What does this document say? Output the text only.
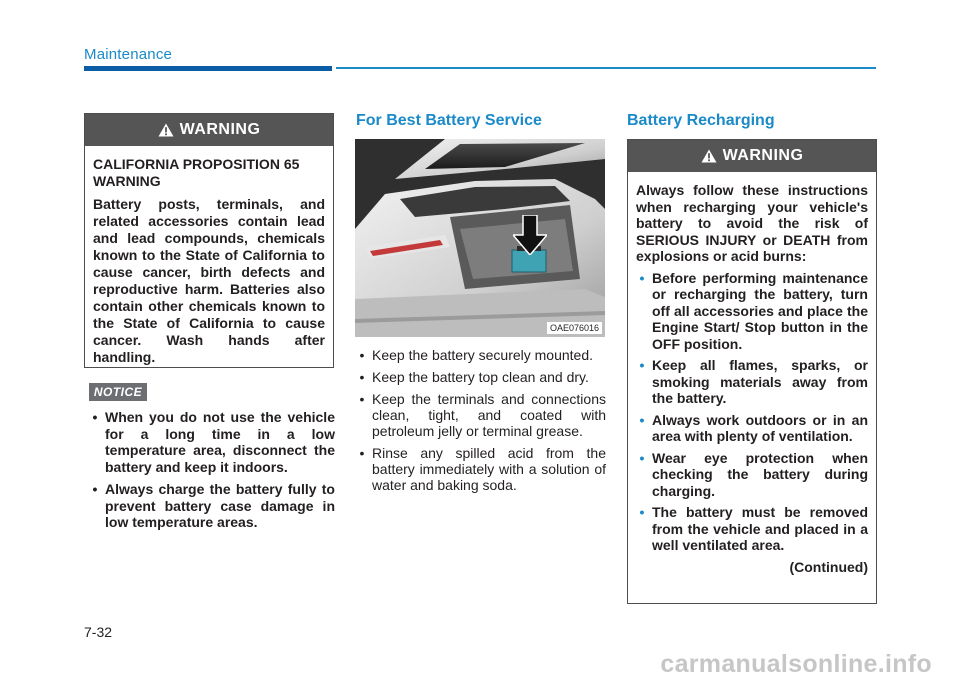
Maintenance
WARNING

CALIFORNIA PROPOSITION 65 WARNING

Battery posts, terminals, and related accessories contain lead and lead compounds, chemicals known to the State of California to cause cancer, birth defects and reproductive harm. Batteries also contain other chemicals known to the State of California to cause cancer. Wash hands after handling.

NOTICE
• When you do not use the vehicle for a long time in a low temperature area, disconnect the battery and keep it indoors.
• Always charge the battery fully to prevent battery case damage in low temperature areas.
For Best Battery Service
OAE076016
• Keep the battery securely mounted.
• Keep the battery top clean and dry.
• Keep the terminals and connections clean, tight, and coated with petroleum jelly or terminal grease.
• Rinse any spilled acid from the battery immediately with a solution of water and baking soda.
Battery Recharging
WARNING

Always follow these instructions when recharging your vehicle's battery to avoid the risk of SERIOUS INJURY or DEATH from explosions or acid burns:

• Before performing maintenance or recharging the battery, turn off all accessories and place the Engine Start/ Stop button in the OFF position.
• Keep all flames, sparks, or smoking materials away from the battery.
• Always work outdoors or in an area with plenty of ventilation.
• Wear eye protection when checking the battery during charging.
• The battery must be removed from the vehicle and placed in a well ventilated area.
(Continued)
7-32
carmanualsonline.info
